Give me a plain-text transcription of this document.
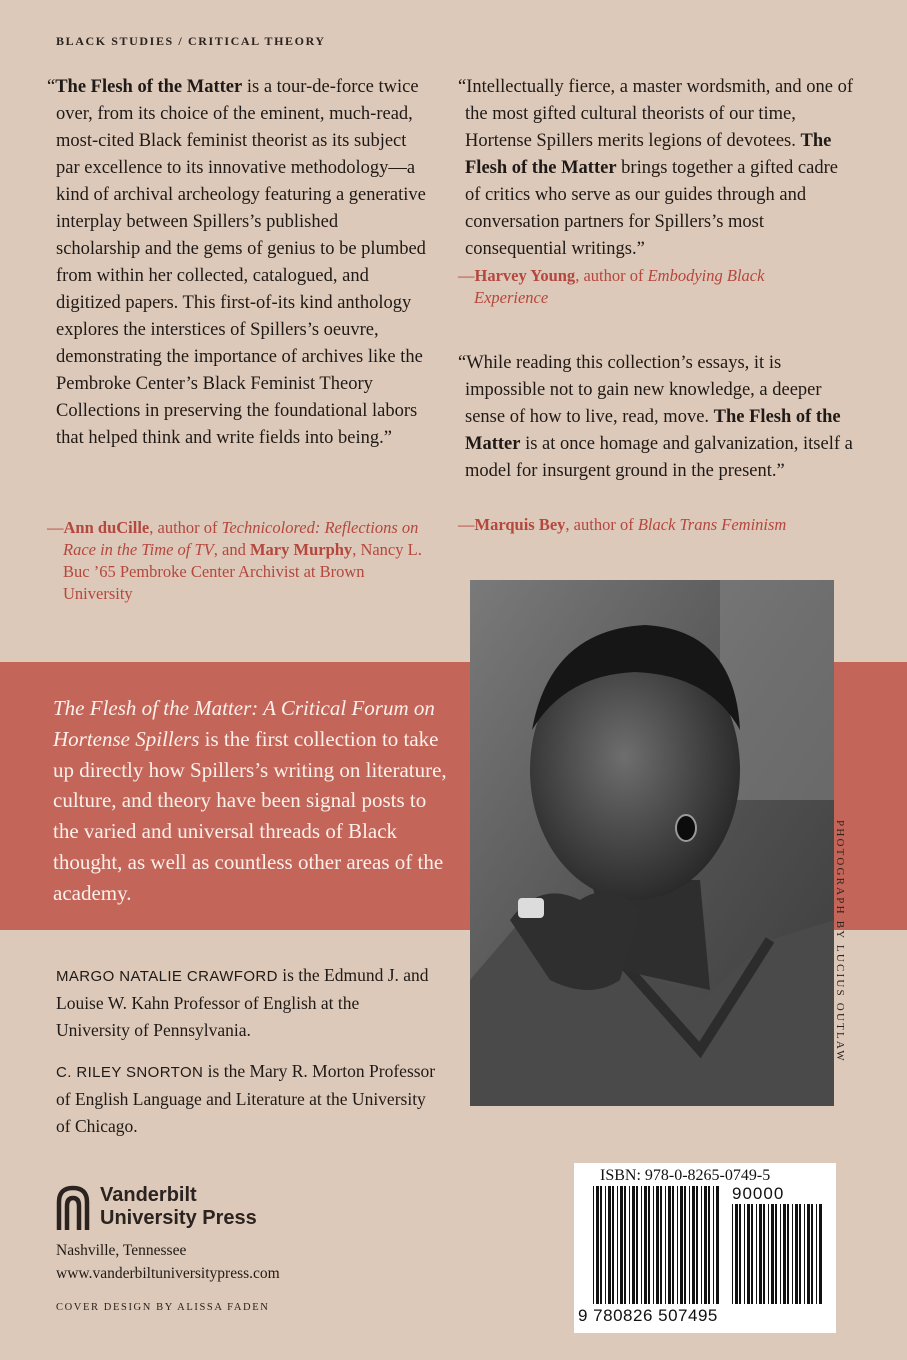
BLACK STUDIES / CRITICAL THEORY

“The Flesh of the Matter is a tour-de-force twice over, from its choice of the eminent, much-read, most-cited Black feminist theorist as its subject par excellence to its innovative methodology—a kind of archival archeology featuring a generative interplay between Spillers’s published scholarship and the gems of genius to be plumbed from within her collected, catalogued, and digitized papers. This first-of-its kind anthology explores the interstices of Spillers’s oeuvre, demonstrating the importance of archives like the Pembroke Center’s Black Feminist Theory Collections in preserving the foundational labors that helped think and write fields into being.”

—Ann duCille, author of Technicolored: Reflections on Race in the Time of TV, and Mary Murphy, Nancy L. Buc ’65 Pembroke Center Archivist at Brown University

“Intellectually fierce, a master wordsmith, and one of the most gifted cultural theorists of our time, Hortense Spillers merits legions of devotees. The Flesh of the Matter brings together a gifted cadre of critics who serve as our guides through and conversation partners for Spillers’s most consequential writings.”

—Harvey Young, author of Embodying Black Experience

“While reading this collection’s essays, it is impossible not to gain new knowledge, a deeper sense of how to live, read, move. The Flesh of the Matter is at once homage and galvanization, itself a model for insurgent ground in the present.”

—Marquis Bey, author of Black Trans Feminism

The Flesh of the Matter: A Critical Forum on Hortense Spillers is the first collection to take up directly how Spillers’s writing on literature, culture, and theory have been signal posts to the varied and universal threads of Black thought, as well as countless other areas of the academy.	PHOTOGRAPH BY LUCIUS OUTLAW

MARGO NATALIE CRAWFORD is the Edmund J. and Louise W. Kahn Professor of English at the University of Pennsylvania.

C. RILEY SNORTON is the Mary R. Morton Professor of English Language and Literature at the University of Chicago.

Vanderbilt
University Press
Nashville, Tennessee
www.vanderbiltuniversitypress.com
COVER DESIGN BY ALISSA FADEN
ISBN: 978-0-8265-0749-5
90000
9 780826 507495
